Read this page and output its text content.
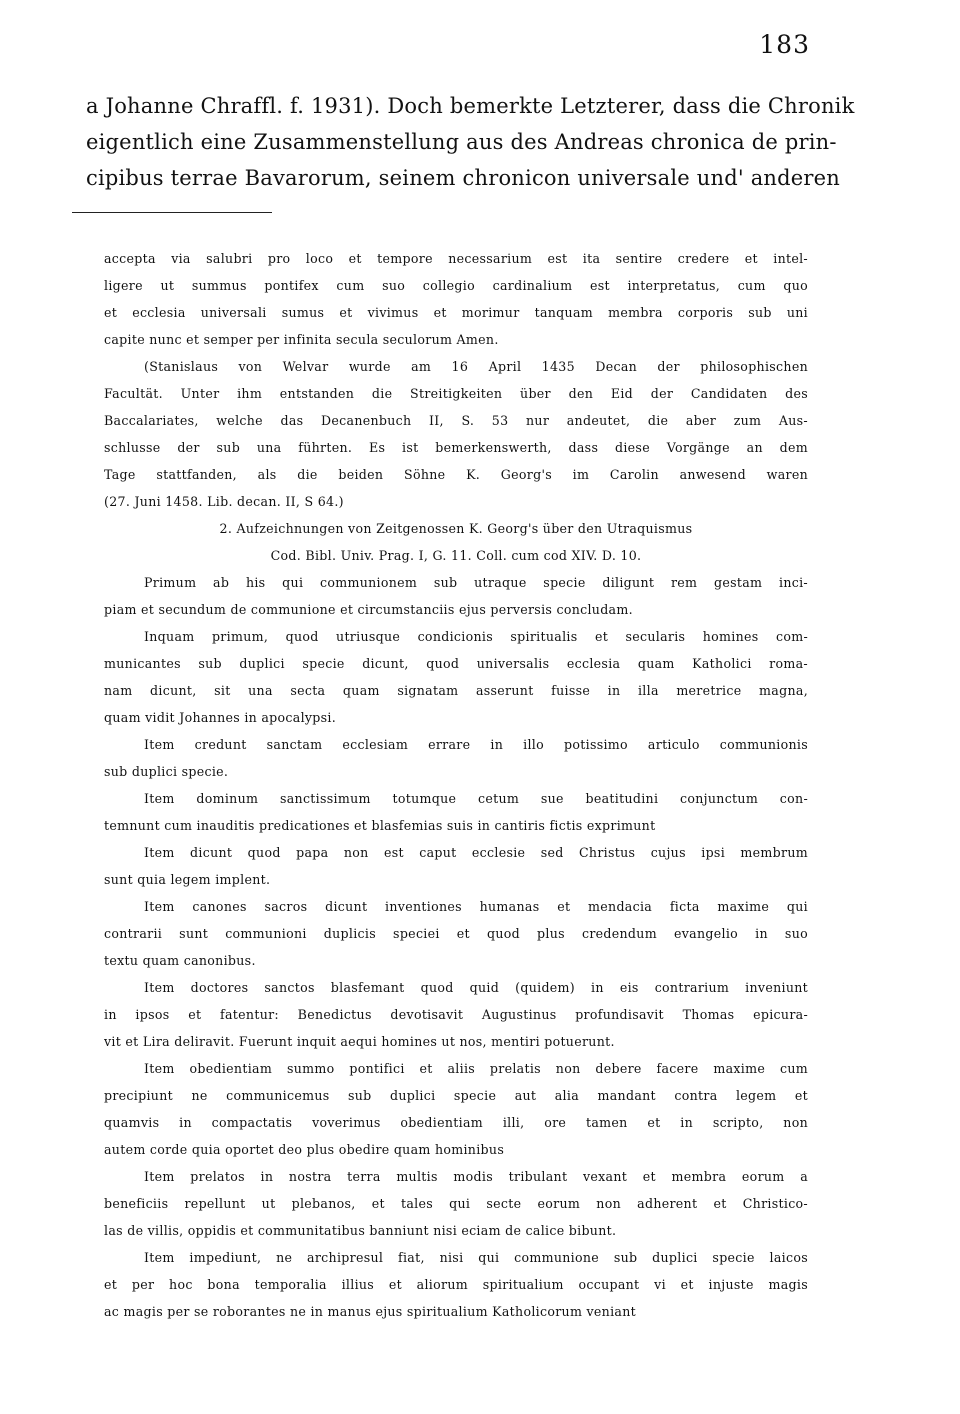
183
a Johanne Chraffl. f. 1931). Doch bemerkte Letzterer, dass die Chronik
eigentlich eine Zusammenstellung aus des Andreas chronica de prin-
cipibus terrae Bavarorum, seinem chronicon universale und' anderen
accepta via salubri pro loco et tempore necessarium est ita sentire credere et intel-
ligere ut summus pontifex cum suo collegio cardinalium est interpretatus, cum quo
et ecclesia universali sumus et vivimus et morimur tanquam membra corporis sub uni
capite nunc et semper per infinita secula seculorum Amen.
(Stanislaus von Welvar wurde am 16 April 1435 Decan der philosophischen
Facultät. Unter ihm entstanden die Streitigkeiten über den Eid der Candidaten des
Baccalariates, welche das Decanenbuch II, S. 53 nur andeutet, die aber zum Aus-
schlusse der sub una führten. Es ist bemerkenswerth, dass diese Vorgänge an dem
Tage stattfanden, als die beiden Söhne K. Georg's im Carolin anwesend waren
(27. Juni 1458. Lib. decan. II, S 64.)
2. Aufzeichnungen von Zeitgenossen K. Georg's über den Utraquismus
Cod. Bibl. Univ. Prag. I, G. 11. Coll. cum cod XIV. D. 10.
Primum ab his qui communionem sub utraque specie diligunt rem gestam inci-
piam et secundum de communione et circumstanciis ejus perversis concludam.
Inquam primum, quod utriusque condicionis spiritualis et secularis homines com-
municantes sub duplici specie dicunt, quod universalis ecclesia quam Katholici roma-
nam dicunt, sit una secta quam signatam asserunt fuisse in illa meretrice magna,
quam vidit Johannes in apocalypsi.
Item credunt sanctam ecclesiam errare in illo potissimo articulo communionis
sub duplici specie.
Item dominum sanctissimum totumque cetum sue beatitudini conjunctum con-
temnunt cum inauditis predicationes et blasfemias suis in cantiris fictis exprimunt
Item dicunt quod papa non est caput ecclesie sed Christus cujus ipsi membrum
sunt quia legem implent.
Item canones sacros dicunt inventiones humanas et mendacia ficta maxime qui
contrarii sunt communioni duplicis speciei et quod plus credendum evangelio in suo
textu quam canonibus.
Item doctores sanctos blasfemant quod quid (quidem) in eis contrarium inveniunt
in ipsos et fatentur: Benedictus devotisavit Augustinus profundisavit Thomas epicura-
vit et Lira deliravit. Fuerunt inquit aequi homines ut nos, mentiri potuerunt.
Item obedientiam summo pontifici et aliis prelatis non debere facere maxime cum
precipiunt ne communicemus sub duplici specie aut alia mandant contra legem et
quamvis in compactatis voverimus obedientiam illi, ore tamen et in scripto, non
autem corde quia oportet deo plus obedire quam hominibus
Item prelatos in nostra terra multis modis tribulant vexant et membra eorum a
beneficiis repellunt ut plebanos, et tales qui secte eorum non adherent et Christico-
las de villis, oppidis et communitatibus banniunt nisi eciam de calice bibunt.
Item impediunt, ne archipresul fiat, nisi qui communione sub duplici specie laicos
et per hoc bona temporalia illius et aliorum spiritualium occupant vi et injuste magis
ac magis per se roborantes ne in manus ejus spiritualium Katholicorum veniant
